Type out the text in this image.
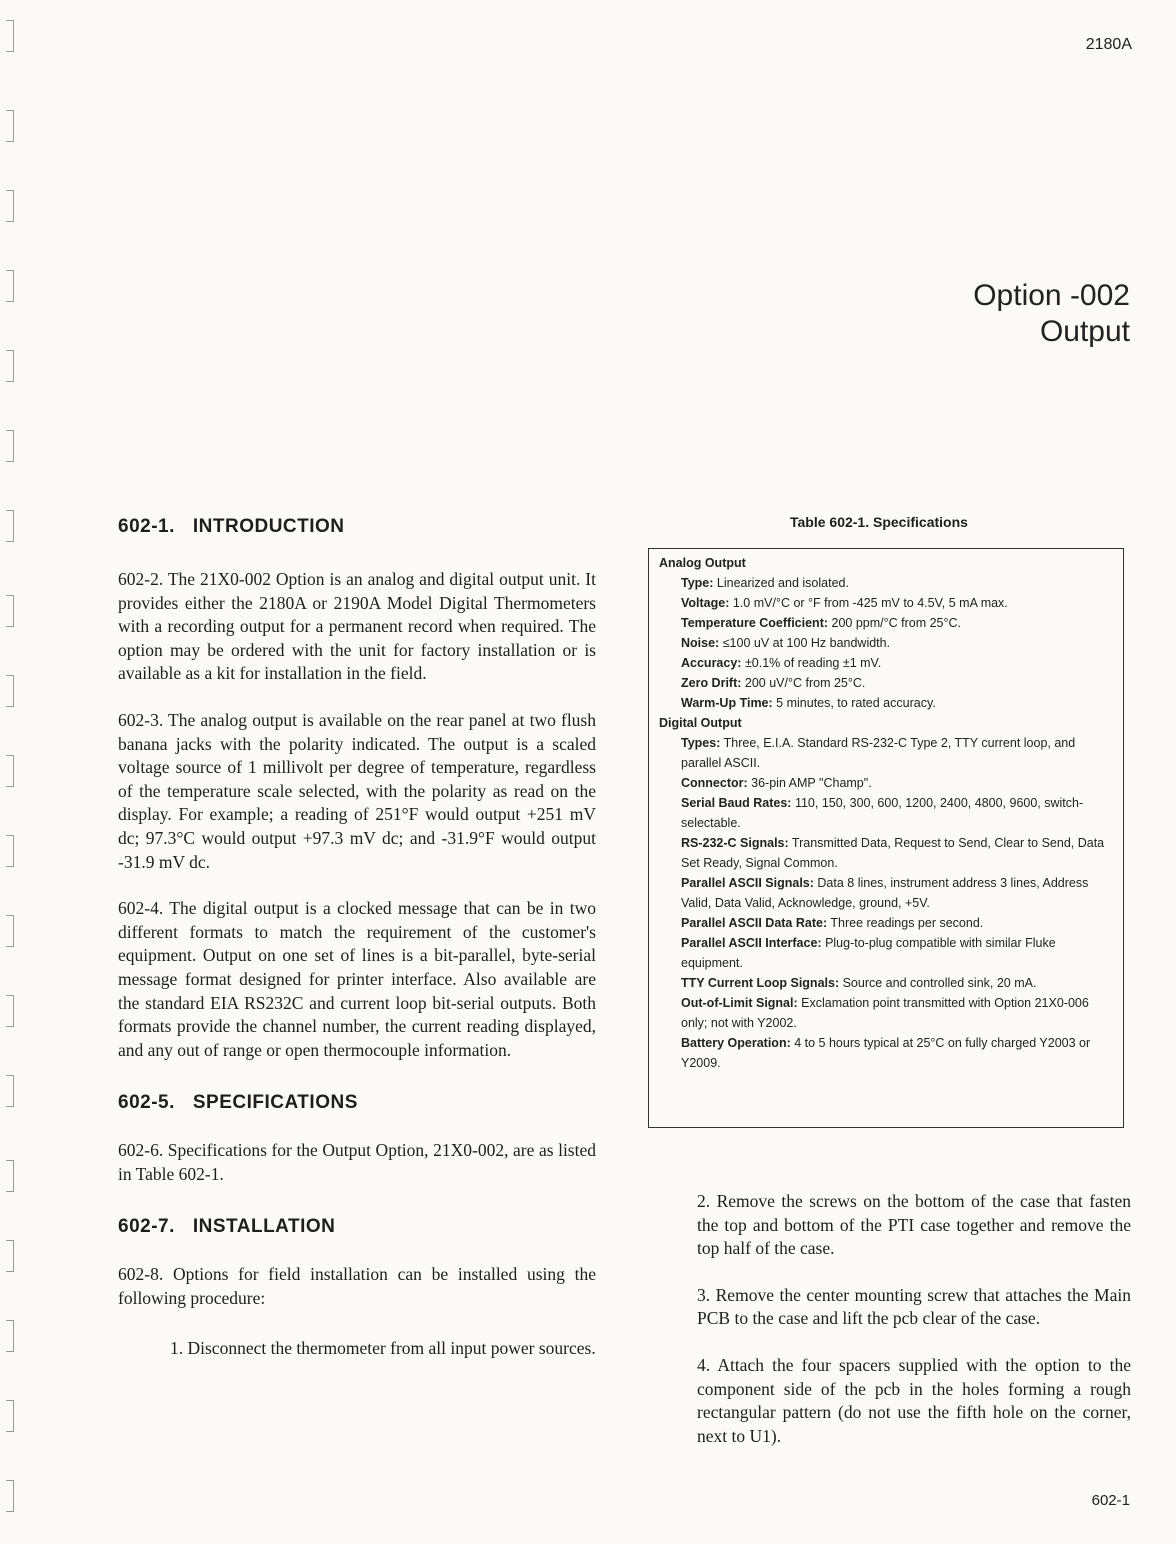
2180A
Option -002
Output
602-1. INTRODUCTION

602-2. The 21X0-002 Option is an analog and digital output unit. It provides either the 2180A or 2190A Model Digital Thermometers with a recording output for a permanent record when required. The option may be ordered with the unit for factory installation or is available as a kit for installation in the field.

602-3. The analog output is available on the rear panel at two flush banana jacks with the polarity indicated. The output is a scaled voltage source of 1 millivolt per degree of temperature, regardless of the temperature scale selected, with the polarity as read on the display. For example; a reading of 251°F would output +251 mV dc; 97.3°C would output +97.3 mV dc; and -31.9°F would output -31.9 mV dc.

602-4. The digital output is a clocked message that can be in two different formats to match the requirement of the customer's equipment. Output on one set of lines is a bit-parallel, byte-serial message format designed for printer interface. Also available are the standard EIA RS232C and current loop bit-serial outputs. Both formats provide the channel number, the current reading displayed, and any out of range or open thermocouple information.

602-5. SPECIFICATIONS

602-6. Specifications for the Output Option, 21X0-002, are as listed in Table 602-1.

602-7. INSTALLATION

602-8. Options for field installation can be installed using the following procedure:

1. Disconnect the thermometer from all input power sources.

Table 602-1. Specifications
Analog Output

Type: Linearized and isolated.

Voltage: 1.0 mV/°C or °F from -425 mV to 4.5V, 5 mA max.

Temperature Coefficient: 200 ppm/°C from 25°C.

Noise: ≤100 uV at 100 Hz bandwidth.

Accuracy: ±0.1% of reading ±1 mV.

Zero Drift: 200 uV/°C from 25°C.

Warm-Up Time: 5 minutes, to rated accuracy.

Digital Output

Types: Three, E.I.A. Standard RS-232-C Type 2, TTY current loop, and parallel ASCII.

Connector: 36-pin AMP "Champ".

Serial Baud Rates: 110, 150, 300, 600, 1200, 2400, 4800, 9600, switch-selectable.

RS-232-C Signals: Transmitted Data, Request to Send, Clear to Send, Data Set Ready, Signal Common.

Parallel ASCII Signals: Data 8 lines, instrument address 3 lines, Address Valid, Data Valid, Acknowledge, ground, +5V.

Parallel ASCII Data Rate: Three readings per second.

Parallel ASCII Interface: Plug-to-plug compatible with similar Fluke equipment.

TTY Current Loop Signals: Source and controlled sink, 20 mA.

Out-of-Limit Signal: Exclamation point transmitted with Option 21X0-006 only; not with Y2002.

Battery Operation: 4 to 5 hours typical at 25°C on fully charged Y2003 or Y2009.

2. Remove the screws on the bottom of the case that fasten the top and bottom of the PTI case together and remove the top half of the case.

3. Remove the center mounting screw that attaches the Main PCB to the case and lift the pcb clear of the case.

4. Attach the four spacers supplied with the option to the component side of the pcb in the holes forming a rough rectangular pattern (do not use the fifth hole on the corner, next to U1).

602-1
